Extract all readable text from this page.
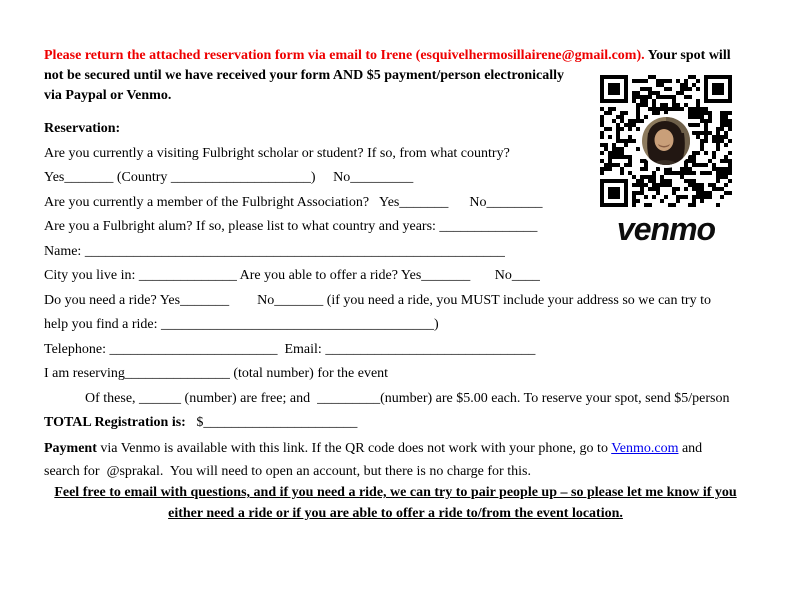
Please return the attached reservation form via email to Irene (esquivelhermosillairene@gmail.com). Your spot will
not be secured until we have received your form AND $5 payment/person electronically
via Paypal or Venmo.
Reservation:
Are you currently a visiting Fulbright scholar or student? If so, from what country?
Yes_______ (Country ____________________)     No_________
Are you currently a member of the Fulbright Association?   Yes_______      No________
Are you a Fulbright alum? If so, please list to what country and years: ______________
Name: ____________________________________________________________
City you live in: ______________ Are you able to offer a ride? Yes_______       No____
Do you need a ride? Yes_______        No_______ (if you need a ride, you MUST include your address so we can try to
help you find a ride: _______________________________________)
Telephone: ________________________  Email: ______________________________
I am reserving_______________ (total number) for the event
Of these, ______ (number) are free; and  _________(number) are $5.00 each. To reserve your spot, send $5/person
TOTAL Registration is:   $______________________
Payment via Venmo is available with this link. If the QR code does not work with your phone, go to Venmo.com and
search for  @sprakal.  You will need to open an account, but there is no charge for this.
Feel free to email with questions, and if you need a ride, we can try to pair people up – so please let me know if you
either need a ride or if you are able to offer a ride to/from the event location.
venmo
